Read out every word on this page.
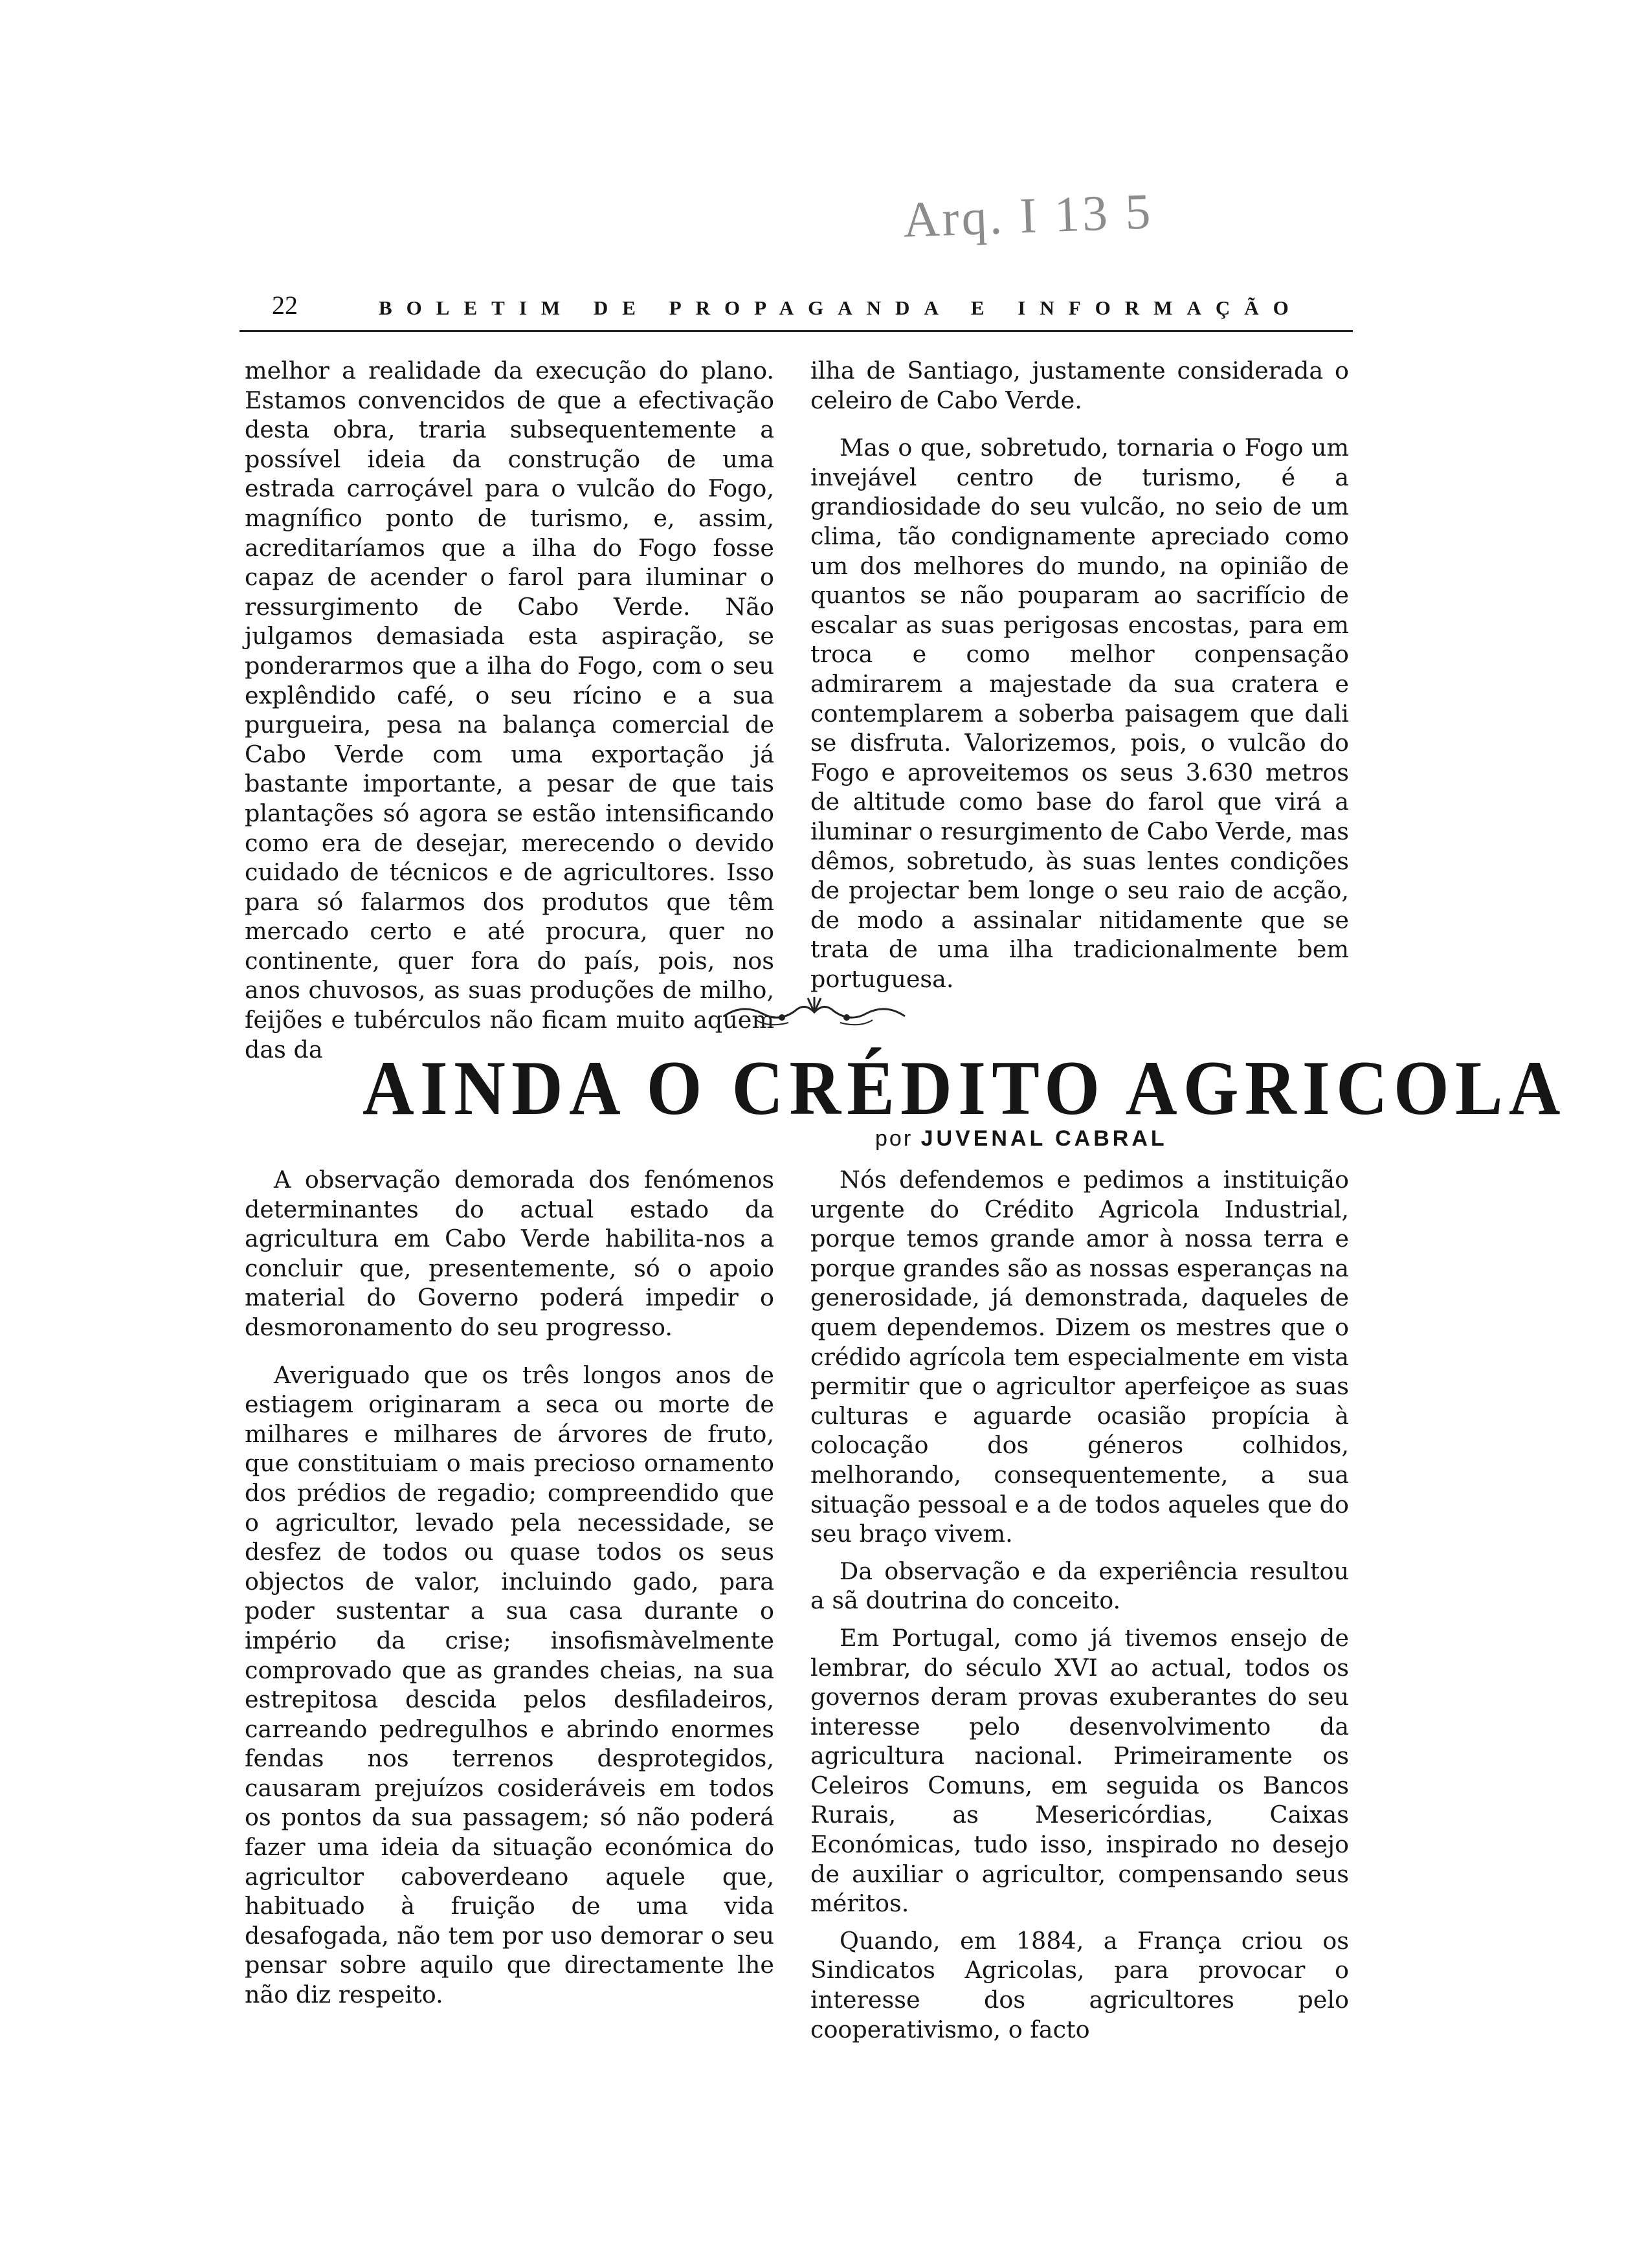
Arq. I 13 5
22	BOLETIM DE PROPAGANDA E INFORMAÇÃO

melhor a realidade da execução do plano. Estamos convencidos de que a efectivação desta obra, traria subsequentemente a possível ideia da construção de uma estrada carroçável para o vulcão do Fogo, magnífico ponto de turismo, e, assim, acreditaríamos que a ilha do Fogo fosse capaz de acender o farol para iluminar o ressurgimento de Cabo Verde. Não julgamos demasiada esta aspiração, se ponderarmos que a ilha do Fogo, com o seu explêndido café, o seu rícino e a sua purgueira, pesa na balança comercial de Cabo Verde com uma exportação já bastante importante, a pesar de que tais plantações só agora se estão intensificando como era de desejar, merecendo o devido cuidado de técnicos e de agricultores. Isso para só falarmos dos produtos que têm mercado certo e até procura, quer no continente, quer fora do país, pois, nos anos chuvosos, as suas produções de milho, feijões e tubérculos não ficam muito aquem das da

ilha de Santiago, justamente considerada o celeiro de Cabo Verde.

Mas o que, sobretudo, tornaria o Fogo um invejável centro de turismo, é a grandiosidade do seu vulcão, no seio de um clima, tão condignamente apreciado como um dos melhores do mundo, na opinião de quantos se não pouparam ao sacrifício de escalar as suas perigosas encostas, para em troca e como melhor conpensação admirarem a majestade da sua cratera e contemplarem a soberba paisagem que dali se disfruta. Valorizemos, pois, o vulcão do Fogo e aproveitemos os seus 3.630 metros de altitude como base do farol que virá a iluminar o resurgimento de Cabo Verde, mas dêmos, sobretudo, às suas lentes condições de projectar bem longe o seu raio de acção, de modo a assinalar nitidamente que se trata de uma ilha tradicionalmente bem portuguesa.

AINDA O CRÉDITO AGRICOLA
por JUVENAL CABRAL

A observação demorada dos fenómenos determinantes do actual estado da agricultura em Cabo Verde habilita-nos a concluir que, presentemente, só o apoio material do Governo poderá impedir o desmoronamento do seu progresso.

Averiguado que os três longos anos de estiagem originaram a seca ou morte de milhares e milhares de árvores de fruto, que constituiam o mais precioso ornamento dos prédios de regadio; compreendido que o agricultor, levado pela necessidade, se desfez de todos ou quase todos os seus objectos de valor, incluindo gado, para poder sustentar a sua casa durante o império da crise; insofismàvelmente comprovado que as grandes cheias, na sua estrepitosa descida pelos desfiladeiros, carreando pedregulhos e abrindo enormes fendas nos terrenos desprotegidos, causaram prejuízos cosideráveis em todos os pontos da sua passagem; só não poderá fazer uma ideia da situação económica do agricultor caboverdeano aquele que, habituado à fruição de uma vida desafogada, não tem por uso demorar o seu pensar sobre aquilo que directamente lhe não diz respeito.

Nós defendemos e pedimos a instituição urgente do Crédito Agricola Industrial, porque temos grande amor à nossa terra e porque grandes são as nossas esperanças na generosidade, já demonstrada, daqueles de quem dependemos. Dizem os mestres que o crédido agrícola tem especialmente em vista permitir que o agricultor aperfeiçoe as suas culturas e aguarde ocasião propícia à colocação dos géneros colhidos, melhorando, consequentemente, a sua situação pessoal e a de todos aqueles que do seu braço vivem.

Da observação e da experiência resultou a sã doutrina do conceito.

Em Portugal, como já tivemos ensejo de lembrar, do século XVI ao actual, todos os governos deram provas exuberantes do seu interesse pelo desenvolvimento da agricultura nacional. Primeiramente os Celeiros Comuns, em seguida os Bancos Rurais, as Mesericórdias, Caixas Económicas, tudo isso, inspirado no desejo de auxiliar o agricultor, compensando seus méritos.

Quando, em 1884, a França criou os Sindicatos Agricolas, para provocar o interesse dos agricultores pelo cooperativismo, o facto
